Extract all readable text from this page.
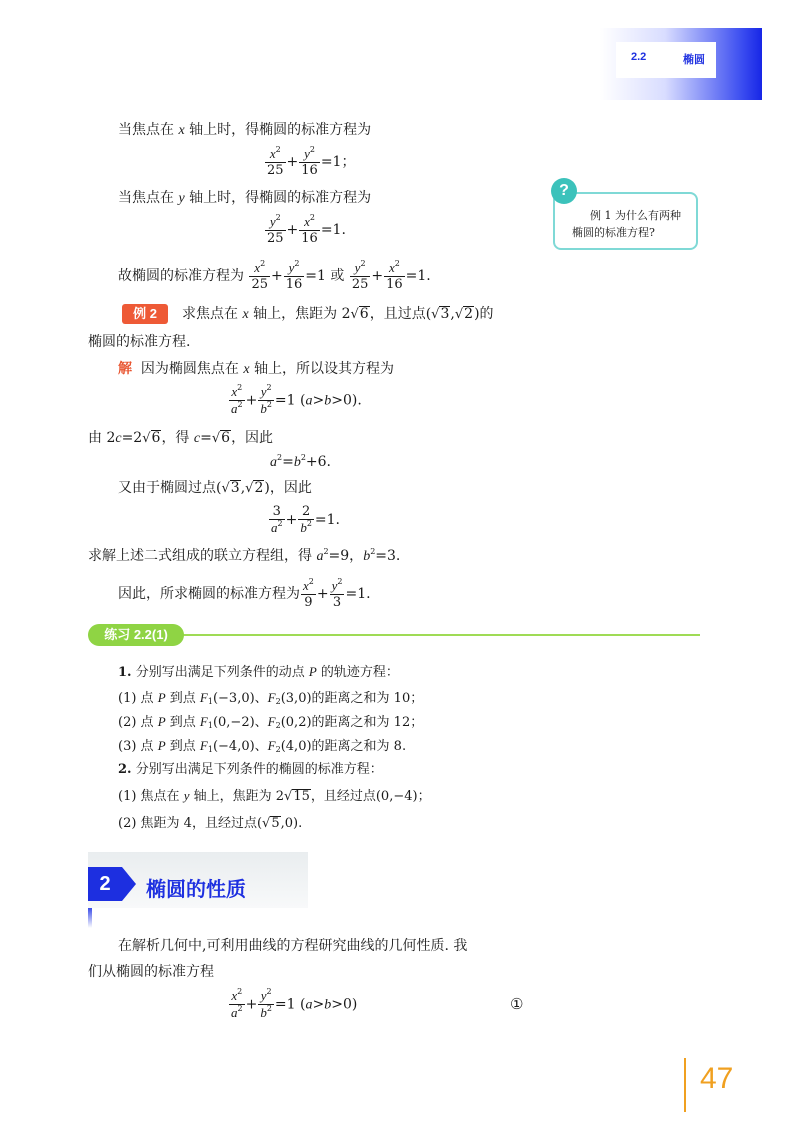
2.2	椭圆
当焦点在 x 轴上时，得椭圆的标准方程为
$\frac{x^2}{25} + \frac{y^2}{16} =1$；
当焦点在 y 轴上时，得椭圆的标准方程为
$\frac{y^2}{25} + \frac{x^2}{16} =1$.
故椭圆的标准方程为 $\frac{x^2}{25} + \frac{y^2}{16} =1$ 或 $\frac{y^2}{25} + \frac{x^2}{16} =1$.
?
例 1 为什么有两种椭圆的标准方程?
例 2	求焦点在 x 轴上，焦距为 2√6，且过点(√3,√2)的
椭圆的标准方程.
解  因为椭圆焦点在 x 轴上，所以设其方程为
$\frac{x^2}{a^2} + \frac{y^2}{b^2} =1$ (a>b>0).
由 2c=2√6，得 c=√6，因此
$a^2=b^2+6$.
又由于椭圆过点(√3,√2)，因此
$\frac{3}{a^2} + \frac{2}{b^2} =1$.
求解上述二式组成的联立方程组，得 $a^2=9$，$b^2=3$.
因此，所求椭圆的标准方程为 $\frac{x^2}{9} + \frac{y^2}{3} =1$.
练习 2.2(1)
1. 分别写出满足下列条件的动点 P 的轨迹方程：
(1) 点 P 到点 $F_1(-3,0)$、$F_2(3,0)$的距离之和为 10；
(2) 点 P 到点 $F_1(0,-2)$、$F_2(0,2)$的距离之和为 12；
(3) 点 P 到点 $F_1(-4,0)$、$F_2(4,0)$的距离之和为 8.
2. 分别写出满足下列条件的椭圆的标准方程：
(1) 焦点在 y 轴上，焦距为 2√15，且经过点(0,−4)；
(2) 焦距为 4，且经过点(√5,0).
2	椭圆的性质
在解析几何中,可利用曲线的方程研究曲线的几何性质. 我
们从椭圆的标准方程
$\frac{x^2}{a^2} + \frac{y^2}{b^2} =1$ (a>b>0)	①
47
